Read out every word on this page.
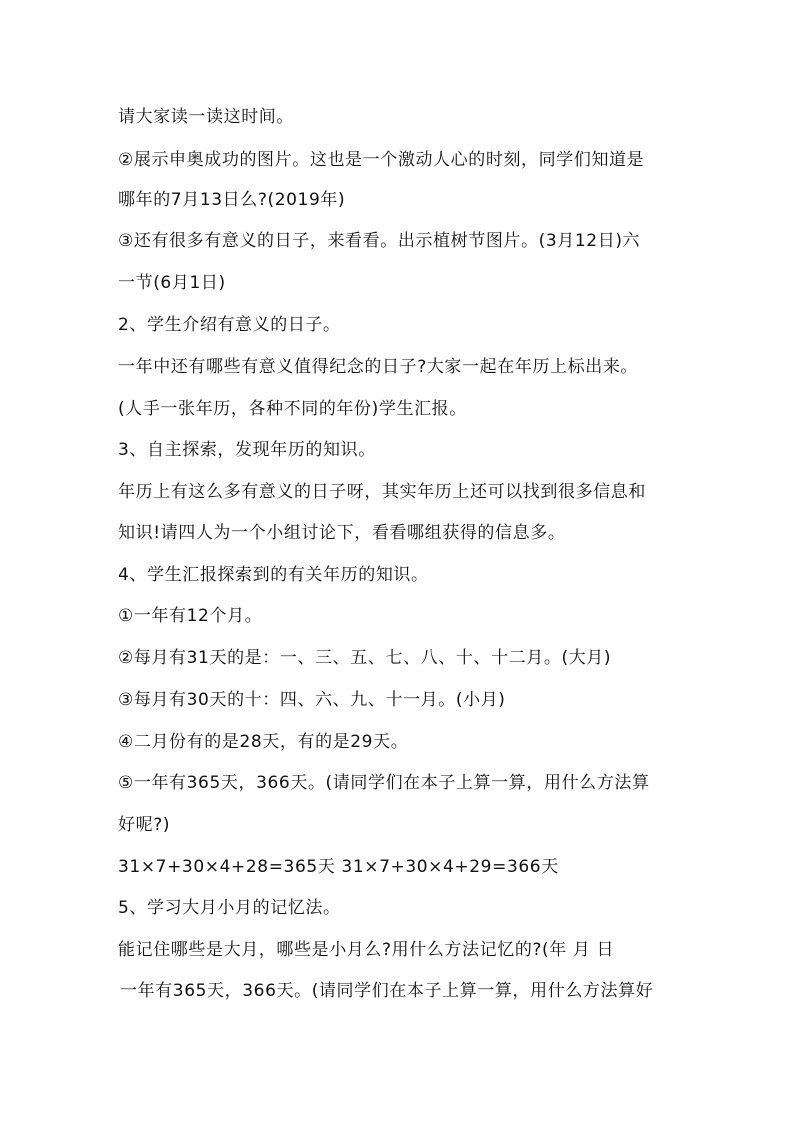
请大家读一读这时间。
②展示申奥成功的图片。这也是一个激动人心的时刻，同学们知道是
哪年的7月13日么?(2019年)
③还有很多有意义的日子，来看看。出示植树节图片。(3月12日)六
一节(6月1日)
2、学生介绍有意义的日子。
一年中还有哪些有意义值得纪念的日子?大家一起在年历上标出来。
(人手一张年历，各种不同的年份)学生汇报。
3、自主探索，发现年历的知识。
年历上有这么多有意义的日子呀，其实年历上还可以找到很多信息和
知识!请四人为一个小组讨论下，看看哪组获得的信息多。
4、学生汇报探索到的有关年历的知识。
①一年有12个月。
②每月有31天的是：一、三、五、七、八、十、十二月。(大月)
③每月有30天的十：四、六、九、十一月。(小月)
④二月份有的是28天，有的是29天。
⑤一年有365天，366天。(请同学们在本子上算一算，用什么方法算
好呢?)
31×7+30×4+28=365天 31×7+30×4+29=366天
5、学习大月小月的记忆法。
能记住哪些是大月，哪些是小月么?用什么方法记忆的?(年 月 日
一年有365天，366天。(请同学们在本子上算一算，用什么方法算好
